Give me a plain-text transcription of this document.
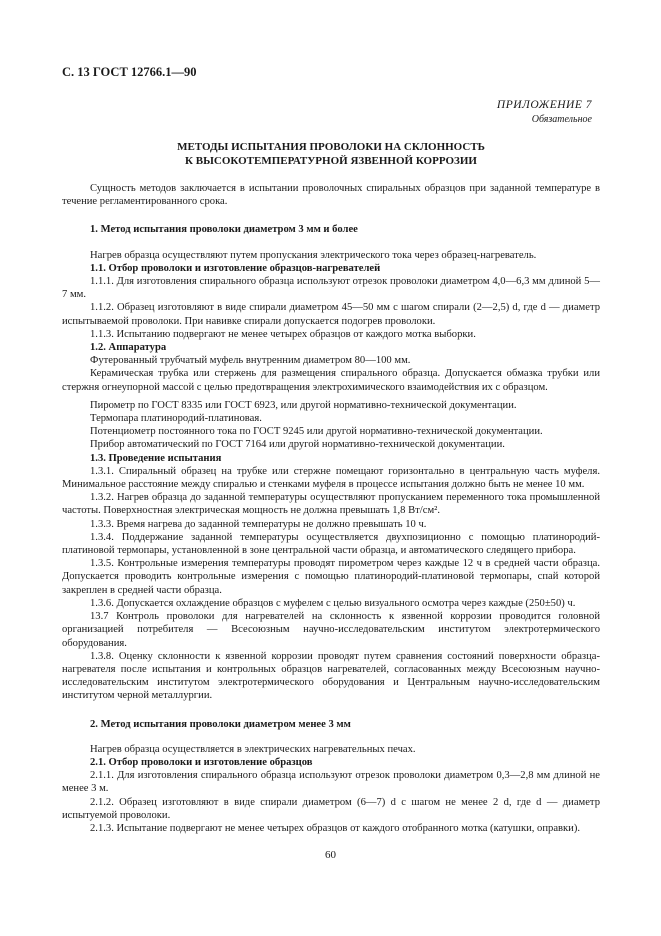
С. 13 ГОСТ 12766.1—90
ПРИЛОЖЕНИЕ 7
Обязательное
МЕТОДЫ ИСПЫТАНИЯ ПРОВОЛОКИ НА СКЛОННОСТЬ
К ВЫСОКОТЕМПЕРАТУРНОЙ ЯЗВЕННОЙ КОРРОЗИИ

Сущность методов заключается в испытании проволочных спиральных образцов при заданной температуре в течение регламентированного срока.

1. Метод испытания проволоки диаметром 3 мм и более

Нагрев образца осуществляют путем пропускания электрического тока через образец-нагреватель.

1.1. Отбор проволоки и изготовление образцов-нагревателей

1.1.1. Для изготовления спирального образца используют отрезок проволоки диаметром 4,0—6,3 мм длиной 5—7 мм.

1.1.2. Образец изготовляют в виде спирали диаметром 45—50 мм с шагом спирали (2—2,5) d, где d — диаметр испытываемой проволоки. При навивке спирали допускается подогрев проволоки.

1.1.3. Испытанию подвергают не менее четырех образцов от каждого мотка выборки.

1.2. Аппаратура

Футерованный трубчатый муфель внутренним диаметром 80—100 мм.

Керамическая трубка или стержень для размещения спирального образца. Допускается обмазка трубки или стержня огнеупорной массой с целью предотвращения электрохимического взаимодействия их с образцом.

Пирометр по ГОСТ 8335 или ГОСТ 6923, или другой нормативно-технической документации.

Термопара платинородий-платиновая.

Потенциометр постоянного тока по ГОСТ 9245 или другой нормативно-технической документации.

Прибор автоматический по ГОСТ 7164 или другой нормативно-технической документации.

1.3. Проведение испытания

1.3.1. Спиральный образец на трубке или стержне помещают горизонтально в центральную часть муфеля. Минимальное расстояние между спиралью и стенками муфеля в процессе испытания должно быть не менее 10 мм.

1.3.2. Нагрев образца до заданной температуры осуществляют пропусканием переменного тока промышленной частоты. Поверхностная электрическая мощность не должна превышать 1,8 Вт/см².

1.3.3. Время нагрева до заданной температуры не должно превышать 10 ч.

1.3.4. Поддержание заданной температуры осуществляется двухпозиционно с помощью платинородий-платиновой термопары, установленной в зоне центральной части образца, и автоматического следящего прибора.

1.3.5. Контрольные измерения температуры проводят пирометром через каждые 12 ч в средней части образца. Допускается проводить контрольные измерения с помощью платинородий-платиновой термопары, спай которой закреплен в средней части образца.

1.3.6. Допускается охлаждение образцов с муфелем с целью визуального осмотра через каждые (250±50) ч.

13.7 Контроль проволоки для нагревателей на склонность к язвенной коррозии проводится головной организацией потребителя — Всесоюзным научно-исследовательским институтом электротермического оборудования.

1.3.8. Оценку склонности к язвенной коррозии проводят путем сравнения состояний поверхности образца-нагревателя после испытания и контрольных образцов нагревателей, согласованных между Всесоюзным научно-исследовательским институтом электротермического оборудования и Центральным научно-исследовательским институтом черной металлургии.

2. Метод испытания проволоки диаметром менее 3 мм

Нагрев образца осуществляется в электрических нагревательных печах.

2.1. Отбор проволоки и изготовление образцов

2.1.1. Для изготовления спирального образца используют отрезок проволоки диаметром 0,3—2,8 мм длиной не менее 3 м.

2.1.2. Образец изготовляют в виде спирали диаметром (6—7) d с шагом не менее 2 d, где d — диаметр испытуемой проволоки.

2.1.3. Испытание подвергают не менее четырех образцов от каждого отобранного мотка (катушки, оправки).

60
